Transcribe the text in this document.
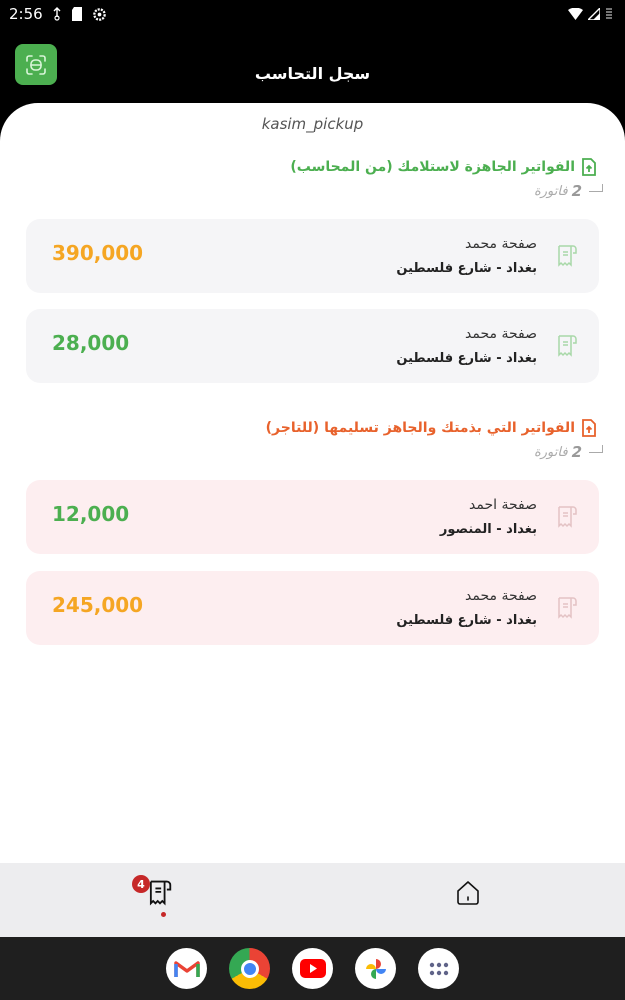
2:56
سجل التحاسب
kasim_pickup
الفواتير الجاهزة لاستلامك (من المحاسب)
2
فاتورة
صفحة محمد
بغداد - شارع فلسطين
390,000
صفحة محمد
بغداد - شارع فلسطين
28,000
الفواتير التي بذمتك والجاهز تسليمها (للتاجر)
2
فاتورة
صفحة احمد
بغداد - المنصور
12,000
صفحة محمد
بغداد - شارع فلسطين
245,000
4
